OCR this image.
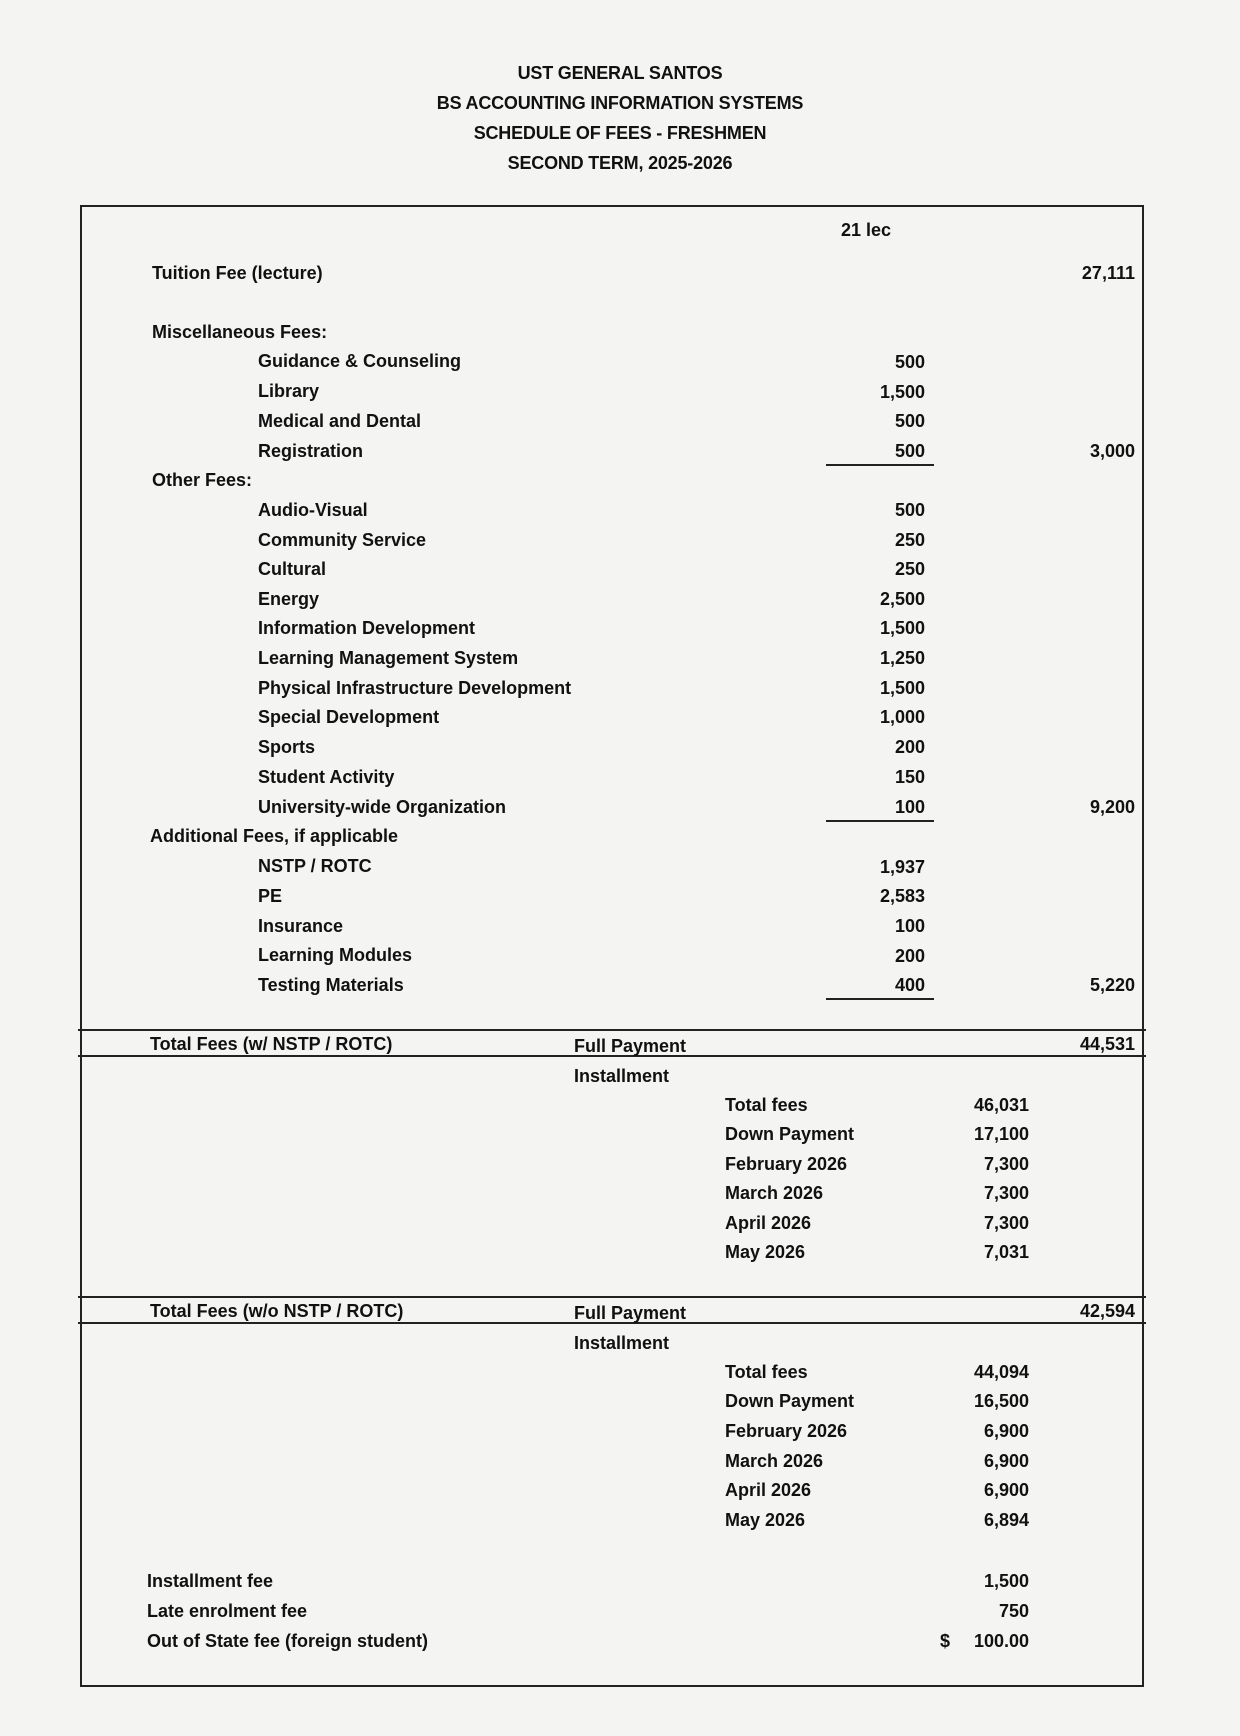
UST GENERAL SANTOS
BS ACCOUNTING INFORMATION SYSTEMS
SCHEDULE OF FEES - FRESHMEN
SECOND TERM, 2025-2026
21 lec
Tuition Fee (lecture)	27,111
Miscellaneous Fees:
Guidance & Counseling	500
Library	1,500
Medical and Dental	500
Registration	500	3,000
Other Fees:
Audio-Visual	500
Community Service	250
Cultural	250
Energy	2,500
Information Development	1,500
Learning Management System	1,250
Physical Infrastructure Development	1,500
Special Development	1,000
Sports	200
Student Activity	150
University-wide Organization	100	9,200
Additional Fees, if applicable
NSTP / ROTC	1,937
PE	2,583
Insurance	100
Learning Modules	200
Testing Materials	400	5,220
Total Fees (w/ NSTP / ROTC)	Full Payment	44,531
Installment
Total fees	46,031
Down Payment	17,100
February 2026	7,300
March 2026	7,300
April 2026	7,300
May 2026	7,031
Total Fees (w/o NSTP / ROTC)	Full Payment	42,594
Installment
Total fees	44,094
Down Payment	16,500
February 2026	6,900
March 2026	6,900
April 2026	6,900
May 2026	6,894
Installment fee	1,500
Late enrolment fee	750
Out of State fee (foreign student)	$	100.00
